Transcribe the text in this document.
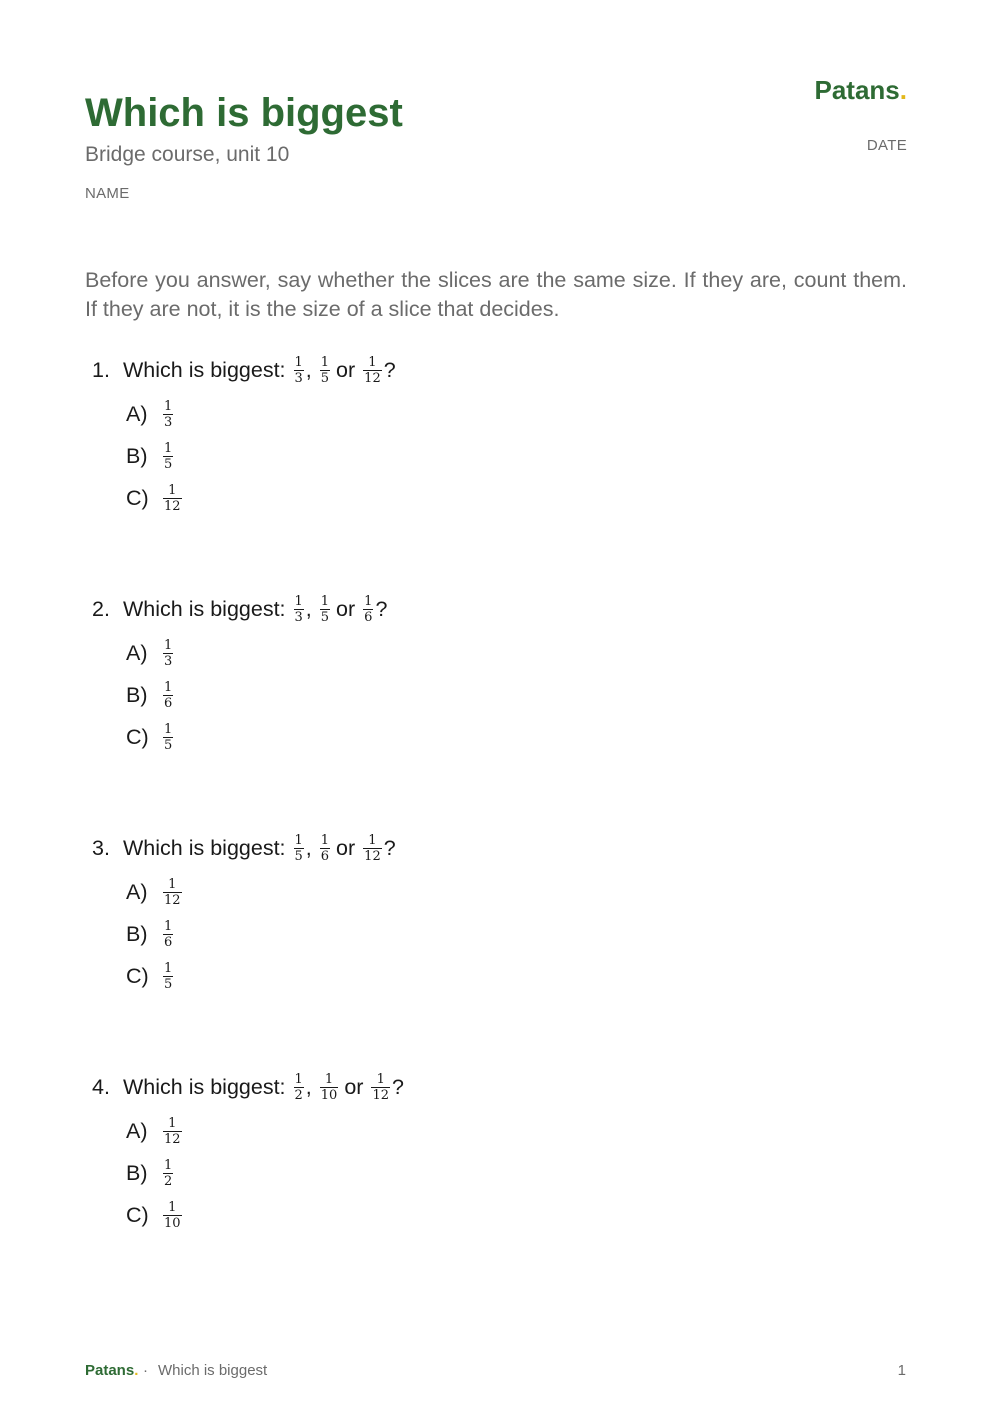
Which is biggest
Bridge course, unit 10
NAME
Patans.
DATE

Before you answer, say whether the slices are the same size. If they are, count them. If they are not, it is the size of a slice that decides.

1. Which is biggest:
$\frac{1}{3}$ , $\frac{1}{5}$ or $\frac{1}{12}$ ?
A)	$\frac{1}{3}$
B)	$\frac{1}{5}$
C)	$\frac{1}{12}$
2. Which is biggest:
$\frac{1}{3}$ , $\frac{1}{5}$ or $\frac{1}{6}$ ?
A)	$\frac{1}{3}$
B)	$\frac{1}{6}$
C)	$\frac{1}{5}$
3. Which is biggest:
$\frac{1}{5}$ , $\frac{1}{6}$ or $\frac{1}{12}$ ?
A)	$\frac{1}{12}$
B)	$\frac{1}{6}$
C)	$\frac{1}{5}$
4. Which is biggest:
$\frac{1}{2}$ , $\frac{1}{10}$ or $\frac{1}{12}$ ?
A)	$\frac{1}{12}$
B)	$\frac{1}{2}$
C)	$\frac{1}{10}$
Patans. · Which is biggest	1
